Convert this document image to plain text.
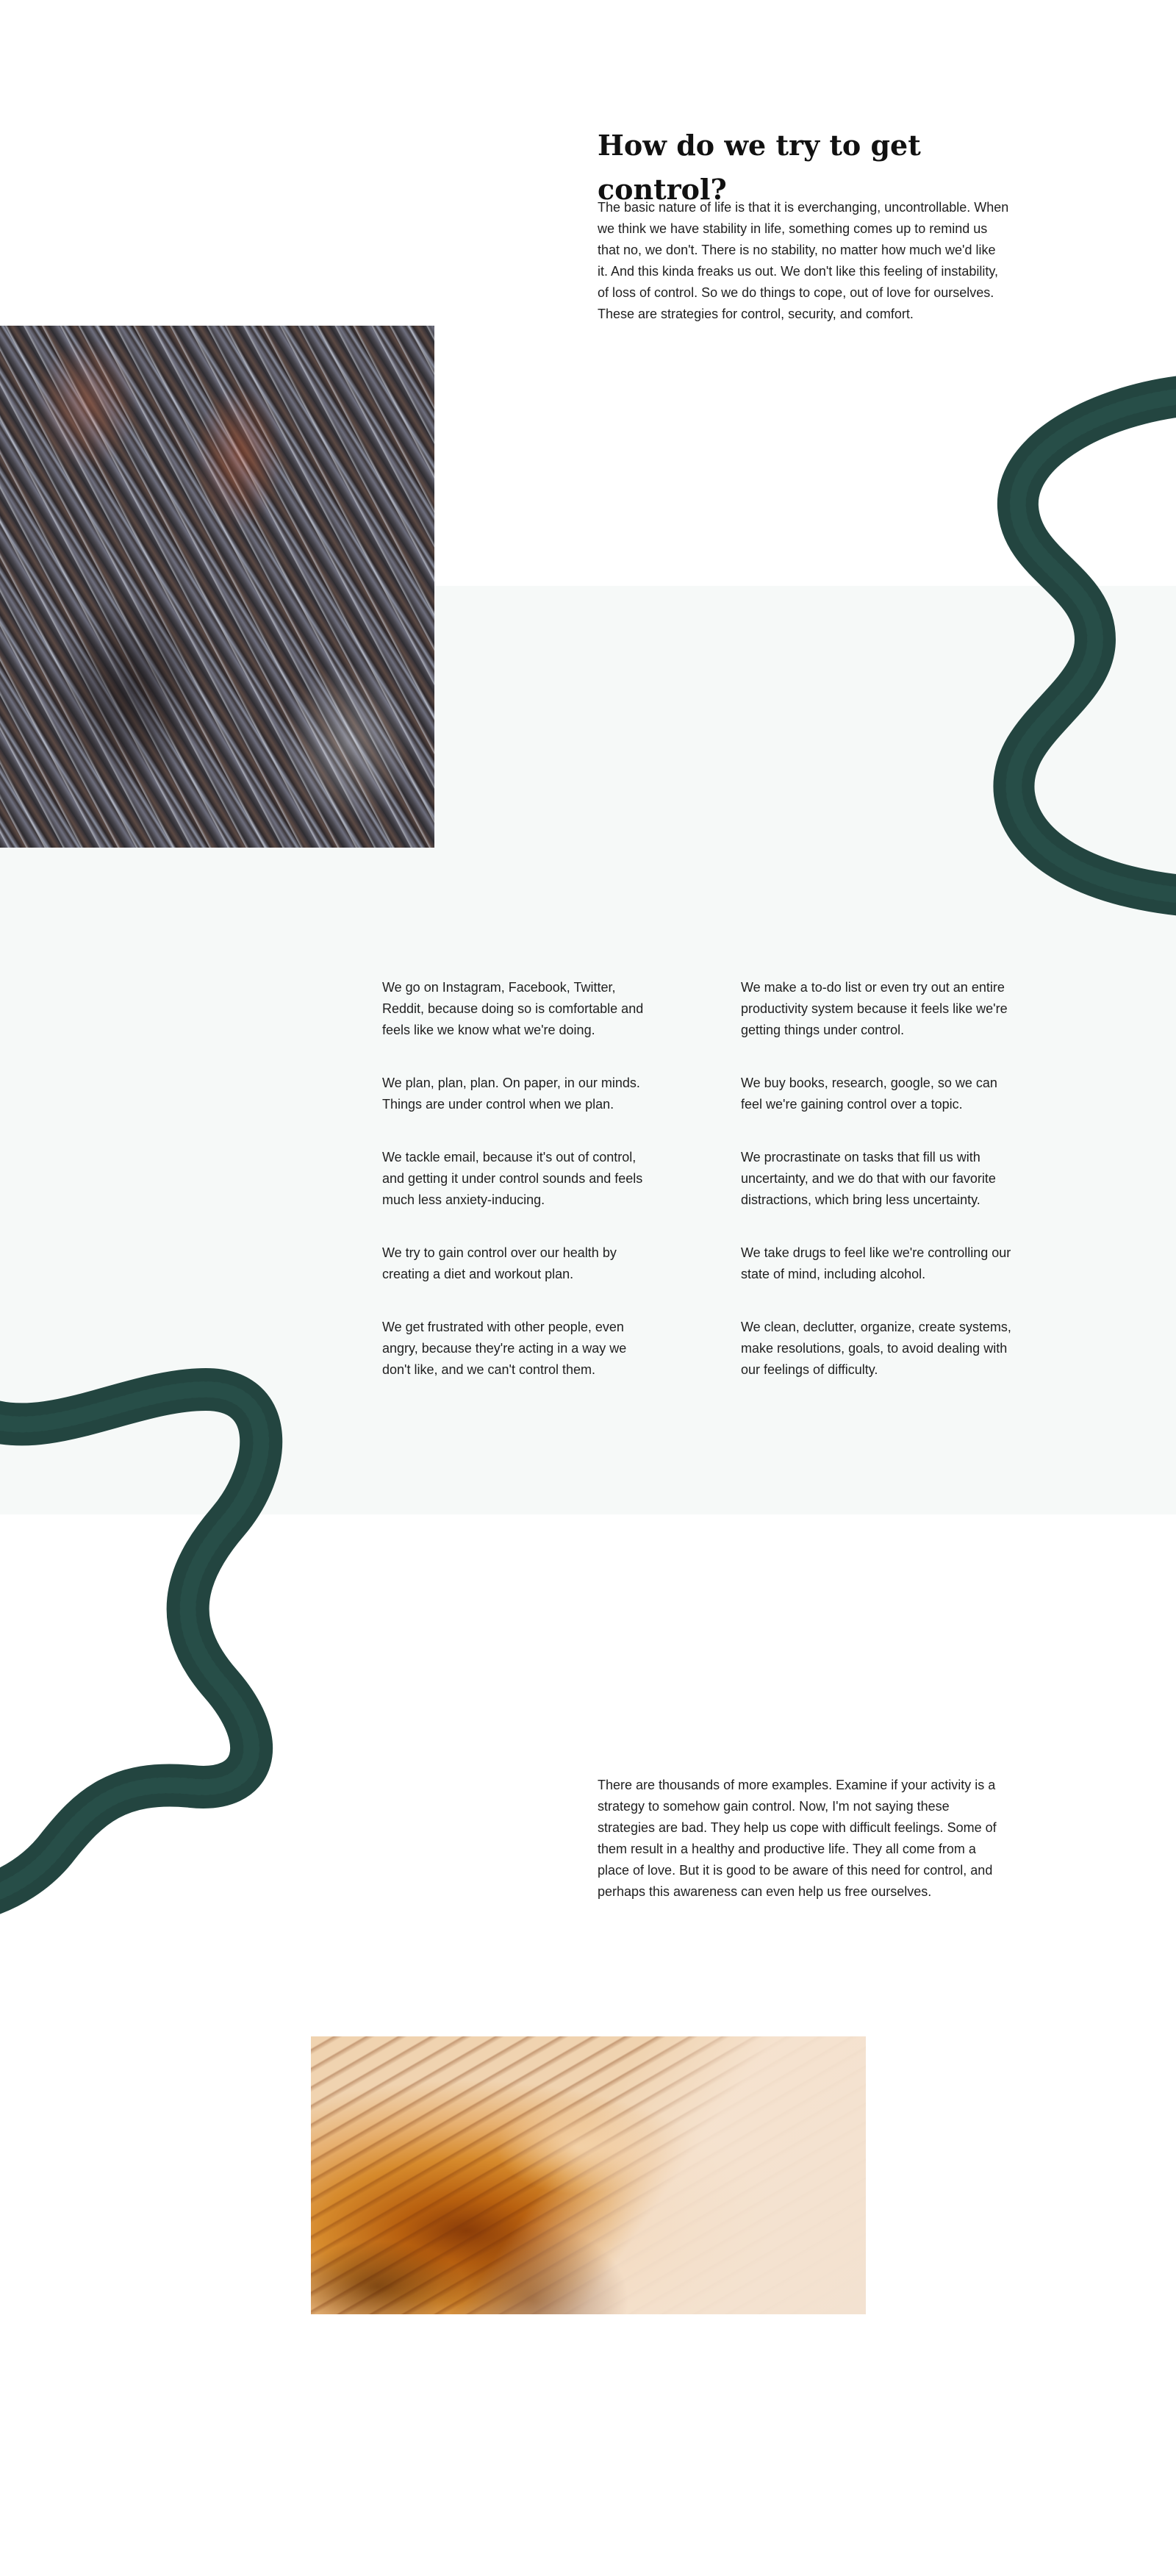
How do we try to get control?

The basic nature of life is that it is everchanging, uncontrollable. When we think we have stability in life, something comes up to remind us that no, we don't. There is no stability, no matter how much we'd like it. And this kinda freaks us out. We don't like this feeling of instability, of loss of control. So we do things to cope, out of love for ourselves. These are strategies for control, security, and comfort.

We go on Instagram, Facebook, Twitter, Reddit, because doing so is comfortable and feels like we know what we're doing.
We plan, plan, plan. On paper, in our minds. Things are under control when we plan.
We tackle email, because it's out of control, and getting it under control sounds and feels much less anxiety-inducing.
We try to gain control over our health by creating a diet and workout plan.
We get frustrated with other people, even angry, because they're acting in a way we don't like, and we can't control them.
We make a to-do list or even try out an entire productivity system because it feels like we're getting things under control.
We buy books, research, google, so we can feel we're gaining control over a topic.
We procrastinate on tasks that fill us with uncertainty, and we do that with our favorite distractions, which bring less uncertainty.
We take drugs to feel like we're controlling our state of mind, including alcohol.
We clean, declutter, organize, create systems, make resolutions, goals, to avoid dealing with our feelings of difficulty.

There are thousands of more examples. Examine if your activity is a strategy to somehow gain control. Now, I'm not saying these strategies are bad. They help us cope with difficult feelings. Some of them result in a healthy and productive life. They all come from a place of love. But it is good to be aware of this need for control, and perhaps this awareness can even help us free ourselves.
